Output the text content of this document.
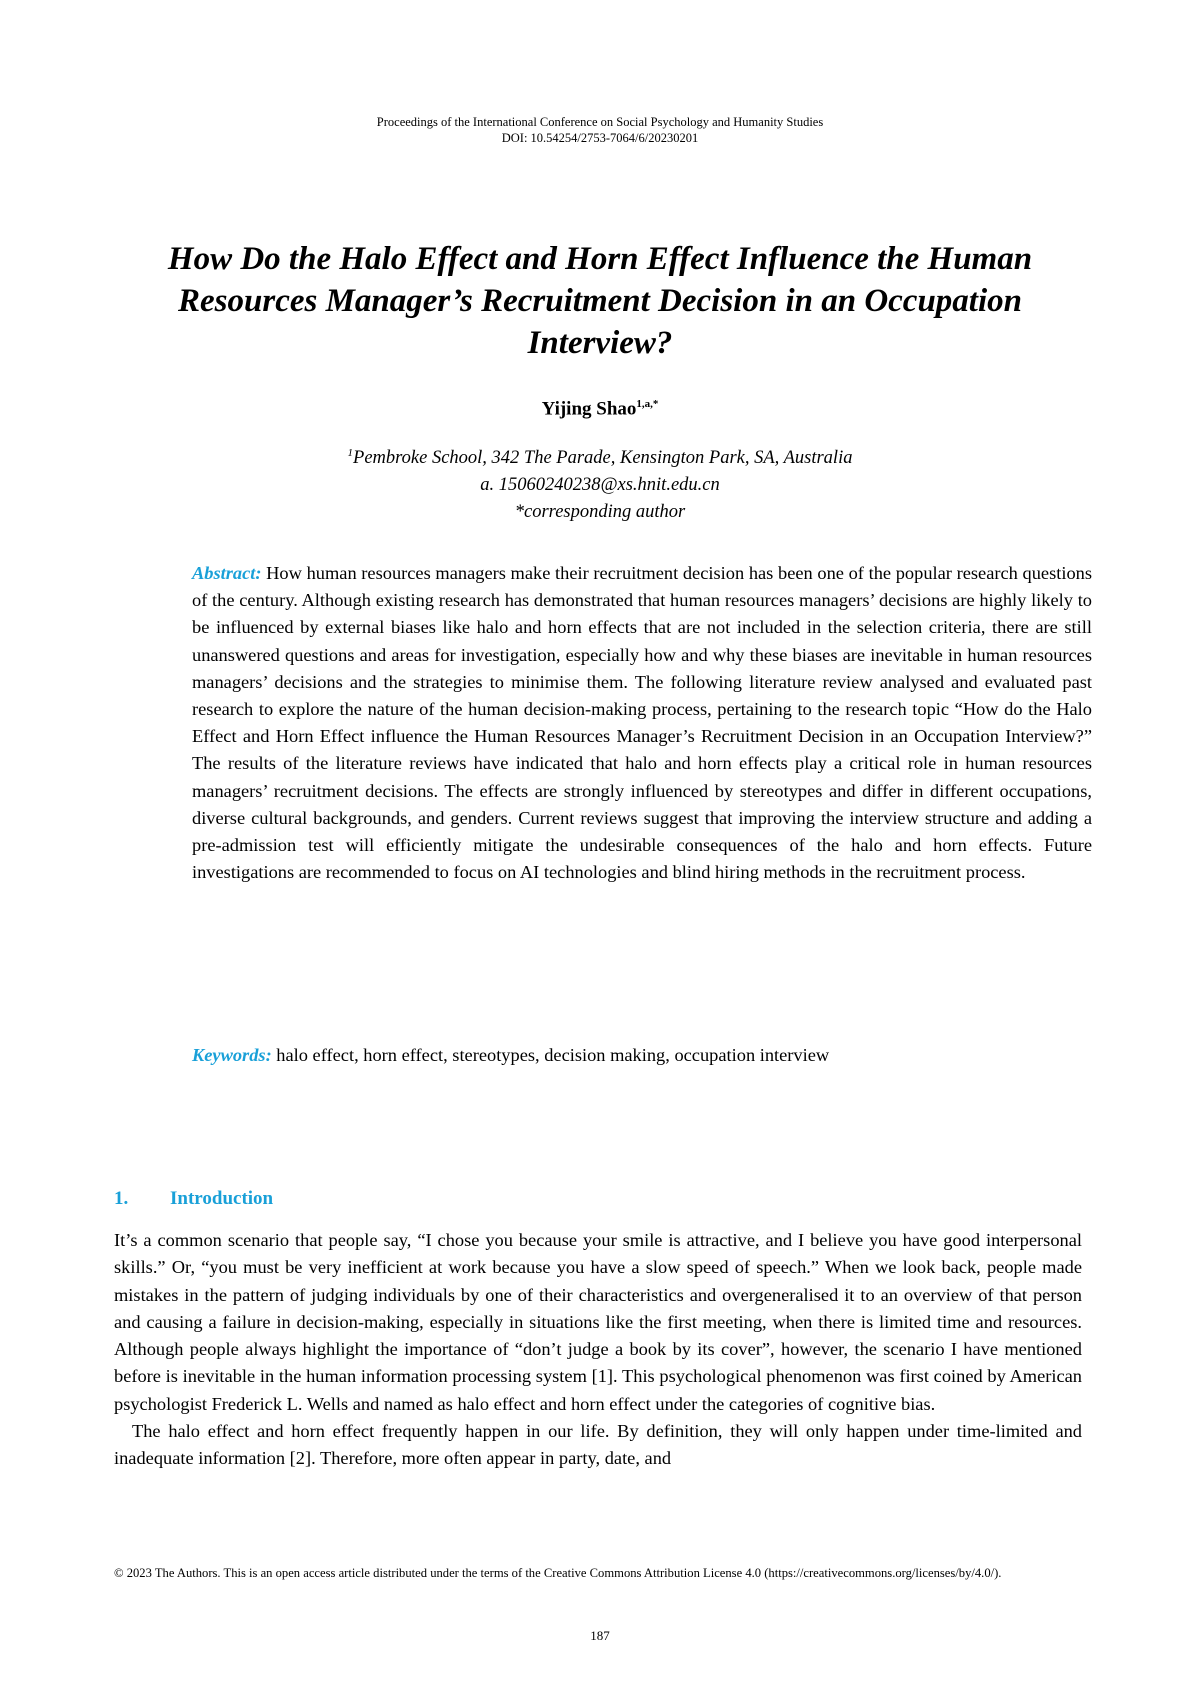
Proceedings of the International Conference on Social Psychology and Humanity Studies
DOI: 10.54254/2753-7064/6/20230201
How Do the Halo Effect and Horn Effect Influence the Human Resources Manager’s Recruitment Decision in an Occupation Interview?
Yijing Shao$^{1,a,*}$
$^1$Pembroke School, 342 The Parade, Kensington Park, SA, Australia
a. 15060240238@xs.hnit.edu.cn
*corresponding author

Abstract: How human resources managers make their recruitment decision has been one of the popular research questions of the century. Although existing research has demonstrated that human resources managers’ decisions are highly likely to be influenced by external biases like halo and horn effects that are not included in the selection criteria, there are still unanswered questions and areas for investigation, especially how and why these biases are inevitable in human resources managers’ decisions and the strategies to minimise them. The following literature review analysed and evaluated past research to explore the nature of the human decision-making process, pertaining to the research topic “How do the Halo Effect and Horn Effect influence the Human Resources Manager’s Recruitment Decision in an Occupation Interview?” The results of the literature reviews have indicated that halo and horn effects play a critical role in human resources managers’ recruitment decisions. The effects are strongly influenced by stereotypes and differ in different occupations, diverse cultural backgrounds, and genders. Current reviews suggest that improving the interview structure and adding a pre-admission test will efficiently mitigate the undesirable consequences of the halo and horn effects. Future investigations are recommended to focus on AI technologies and blind hiring methods in the recruitment process.

Keywords: halo effect, horn effect, stereotypes, decision making, occupation interview

1. Introduction

It’s a common scenario that people say, “I chose you because your smile is attractive, and I believe you have good interpersonal skills.” Or, “you must be very inefficient at work because you have a slow speed of speech.” When we look back, people made mistakes in the pattern of judging individuals by one of their characteristics and overgeneralised it to an overview of that person and causing a failure in decision-making, especially in situations like the first meeting, when there is limited time and resources. Although people always highlight the importance of “don’t judge a book by its cover”, however, the scenario I have mentioned before is inevitable in the human information processing system [1]. This psychological phenomenon was first coined by American psychologist Frederick L. Wells and named as halo effect and horn effect under the categories of cognitive bias.

The halo effect and horn effect frequently happen in our life. By definition, they will only happen under time-limited and inadequate information [2]. Therefore, more often appear in party, date, and

© 2023 The Authors. This is an open access article distributed under the terms of the Creative Commons Attribution License 4.0 (https://creativecommons.org/licenses/by/4.0/).
187
